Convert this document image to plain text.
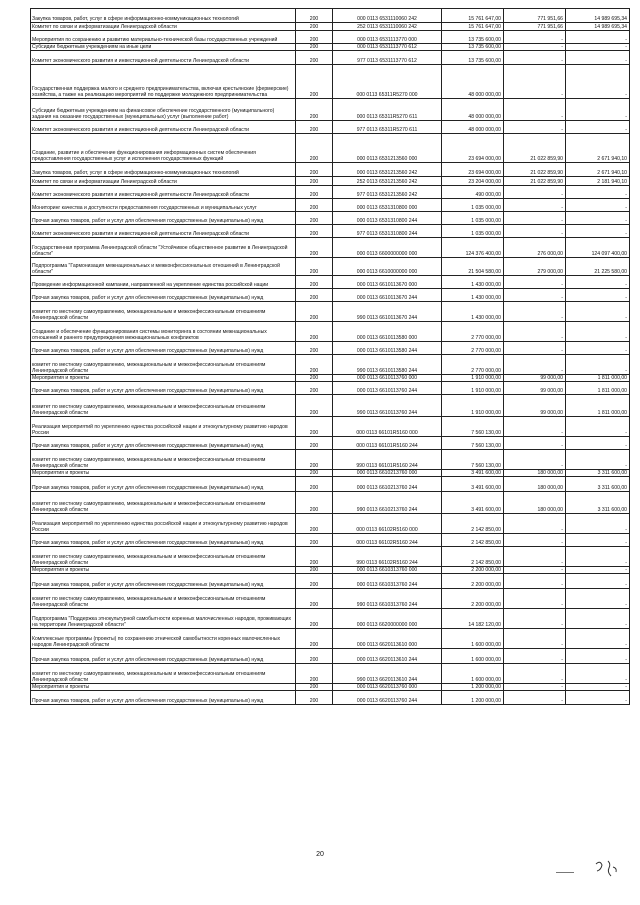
Закупка товаров, работ, услуг в сфере информационно-коммуникационных технологий	200	000 0113 6531110060 242	15 761 647,00	771 951,66	14 989 695,34
Комитет по связи и информатизации Ленинградской области	200	252 0113 6531110060 242	15 761 647,00	771 951,66	14 989 695,34
Мероприятия по сохранению и развитию материально-технической базы государственных учреждений	200	000 0113 6531113770 000	13 735 600,00	-	-
Субсидии бюджетным учреждениям на иные цели	200	000 0113 6531113770 612	13 735 600,00	-	-
Комитет экономического развития и инвестиционной деятельности Ленинградской области	200	977 0113 6531113770 612	13 735 600,00	-	-
Государственная поддержка малого и среднего предпринимательства, включая крестьянские (фермерские) хозяйства, а также на реализацию мероприятий по поддержке молодежного предпринимательства	200	000 0113 65311R5270 000	48 000 000,00	-	-
Субсидии бюджетным учреждениям на финансовое обеспечение государственного (муниципального) задания на оказание государственных (муниципальных) услуг (выполнение работ)	200	000 0113 65311R5270 611	48 000 000,00	-	-
Комитет экономического развития и инвестиционной деятельности Ленинградской области	200	977 0113 65311R5270 611	48 000 000,00	-	-
Создание, развитие и обеспечение функционирования информационных систем обеспечения предоставления государственных услуг и исполнения государственных функций	200	000 0113 6531213560 000	23 694 000,00	21 022 859,90	2 671 940,10
Закупка товаров, работ, услуг в сфере информационно-коммуникационных технологий	200	000 0113 6531213560 242	23 694 000,00	21 022 859,90	2 671 940,10
Комитет по связи и информатизации Ленинградской области	200	252 0113 6531213560 242	23 204 000,00	21 022 859,90	2 181 940,10
Комитет экономического развития и инвестиционной деятельности Ленинградской области	200	977 0113 6531213560 242	490 000,00	-	-
Мониторинг качества и доступности предоставления государственных и муниципальных услуг	200	000 0113 6531310800 000	1 035 000,00	-	-
Прочая закупка товаров, работ и услуг для обеспечения государственных (муниципальных) нужд	200	000 0113 6531310800 244	1 035 000,00	-	-
Комитет экономического развития и инвестиционной деятельности Ленинградской области	200	977 0113 6531310800 244	1 035 000,00	-	-
Государственная программа Ленинградской области "Устойчивое общественное развитие в Ленинградской области"	200	000 0113 6600000000 000	124 376 400,00	276 000,00	124 097 400,00
Подпрограмма "Гармонизация межнациональных и межконфессиональных отношений в Ленинградской области"	200	000 0113 6610000000 000	21 504 580,00	279 000,00	21 225 580,00
Проведение информационной кампании, направленной на укрепление единства российской нации	200	000 0113 6610113670 000	1 430 000,00	-	-
Прочая закупка товаров, работ и услуг для обеспечения государственных (муниципальных) нужд	200	000 0113 6610113670 244	1 430 000,00	-	-
комитет по местному самоуправлению, межнациональным и межконфессиональным отношениям Ленинградской области	200	990 0113 6610113670 244	1 430 000,00	-	-
Создание и обеспечение функционирования системы мониторинга в состоянии межнациональных отношений и раннего предупреждения межнациональных конфликтов	200	000 0113 6610113580 000	2 770 000,00	-	-
Прочая закупка товаров, работ и услуг для обеспечения государственных (муниципальных) нужд	200	000 0113 6610113580 244	2 770 000,00	-	-
комитет по местному самоуправлению, межнациональным и межконфессиональным отношениям Ленинградской области	200	990 0113 6610113580 244	2 770 000,00	-	-
Мероприятия и проекты	200	000 0113 6610113760 000	1 910 000,00	99 000,00	1 811 000,00
Прочая закупка товаров, работ и услуг для обеспечения государственных (муниципальных) нужд	200	000 0113 6610113760 244	1 910 000,00	99 000,00	1 811 000,00
комитет по местному самоуправлению, межнациональным и межконфессиональным отношениям Ленинградской области	200	990 0113 6610113760 244	1 910 000,00	99 000,00	1 811 000,00
Реализация мероприятий по укреплению единства российской нации и этнокультурному развитию народов России	200	000 0113 66101R5160 000	7 560 130,00	-	-
Прочая закупка товаров, работ и услуг для обеспечения государственных (муниципальных) нужд	200	000 0113 66101R5160 244	7 560 130,00	-	-
комитет по местному самоуправлению, межнациональным и межконфессиональным отношениям Ленинградской области	200	990 0113 66101R5160 244	7 560 130,00	-	-
Мероприятия и проекты	200	000 0113 6610213760 000	3 491 600,00	180 000,00	3 311 600,00
Прочая закупка товаров, работ и услуг для обеспечения государственных (муниципальных) нужд	200	000 0113 6610213760 244	3 491 600,00	180 000,00	3 311 600,00
комитет по местному самоуправлению, межнациональным и межконфессиональным отношениям Ленинградской области	200	990 0113 6610213760 244	3 491 600,00	180 000,00	3 311 600,00
Реализация мероприятий по укреплению единства российской нации и этнокультурному развитию народов России	200	000 0113 66102R5160 000	2 142 850,00	-	-
Прочая закупка товаров, работ и услуг для обеспечения государственных (муниципальных) нужд	200	000 0113 66102R5160 244	2 142 850,00	-	-
комитет по местному самоуправлению, межнациональным и межконфессиональным отношениям Ленинградской области	200	990 0113 66102R5160 244	2 142 850,00	-	-
Мероприятия и проекты	200	000 0113 6610313760 000	2 200 000,00	-	-
Прочая закупка товаров, работ и услуг для обеспечения государственных (муниципальных) нужд	200	000 0113 6610313760 244	2 200 000,00	-	-
комитет по местному самоуправлению, межнациональным и межконфессиональным отношениям Ленинградской области	200	990 0113 6610313760 244	2 200 000,00	-	-
Подпрограмма "Поддержка этнокультурной самобытности коренных малочисленных народов, проживающих на территории Ленинградской области"	200	000 0113 6620000000 000	14 182 120,00	-	-
Комплексные программы (проекты) по сохранению этнической самобытности коренных малочисленных народов Ленинградской области	200	000 0113 6620113610 000	1 600 000,00	-	-
Прочая закупка товаров, работ и услуг для обеспечения государственных (муниципальных) нужд	200	000 0113 6620113610 244	1 600 000,00	-	-
комитет по местному самоуправлению, межнациональным и межконфессиональным отношениям Ленинградской области	200	990 0113 6620113610 244	1 600 000,00	-	-
Мероприятия и проекты	200	000 0113 6620113760 000	1 200 000,00	-	-
Прочая закупка товаров, работ и услуг для обеспечения государственных (муниципальных) нужд	200	000 0113 6620113760 244	1 200 000,00	-	-
20
